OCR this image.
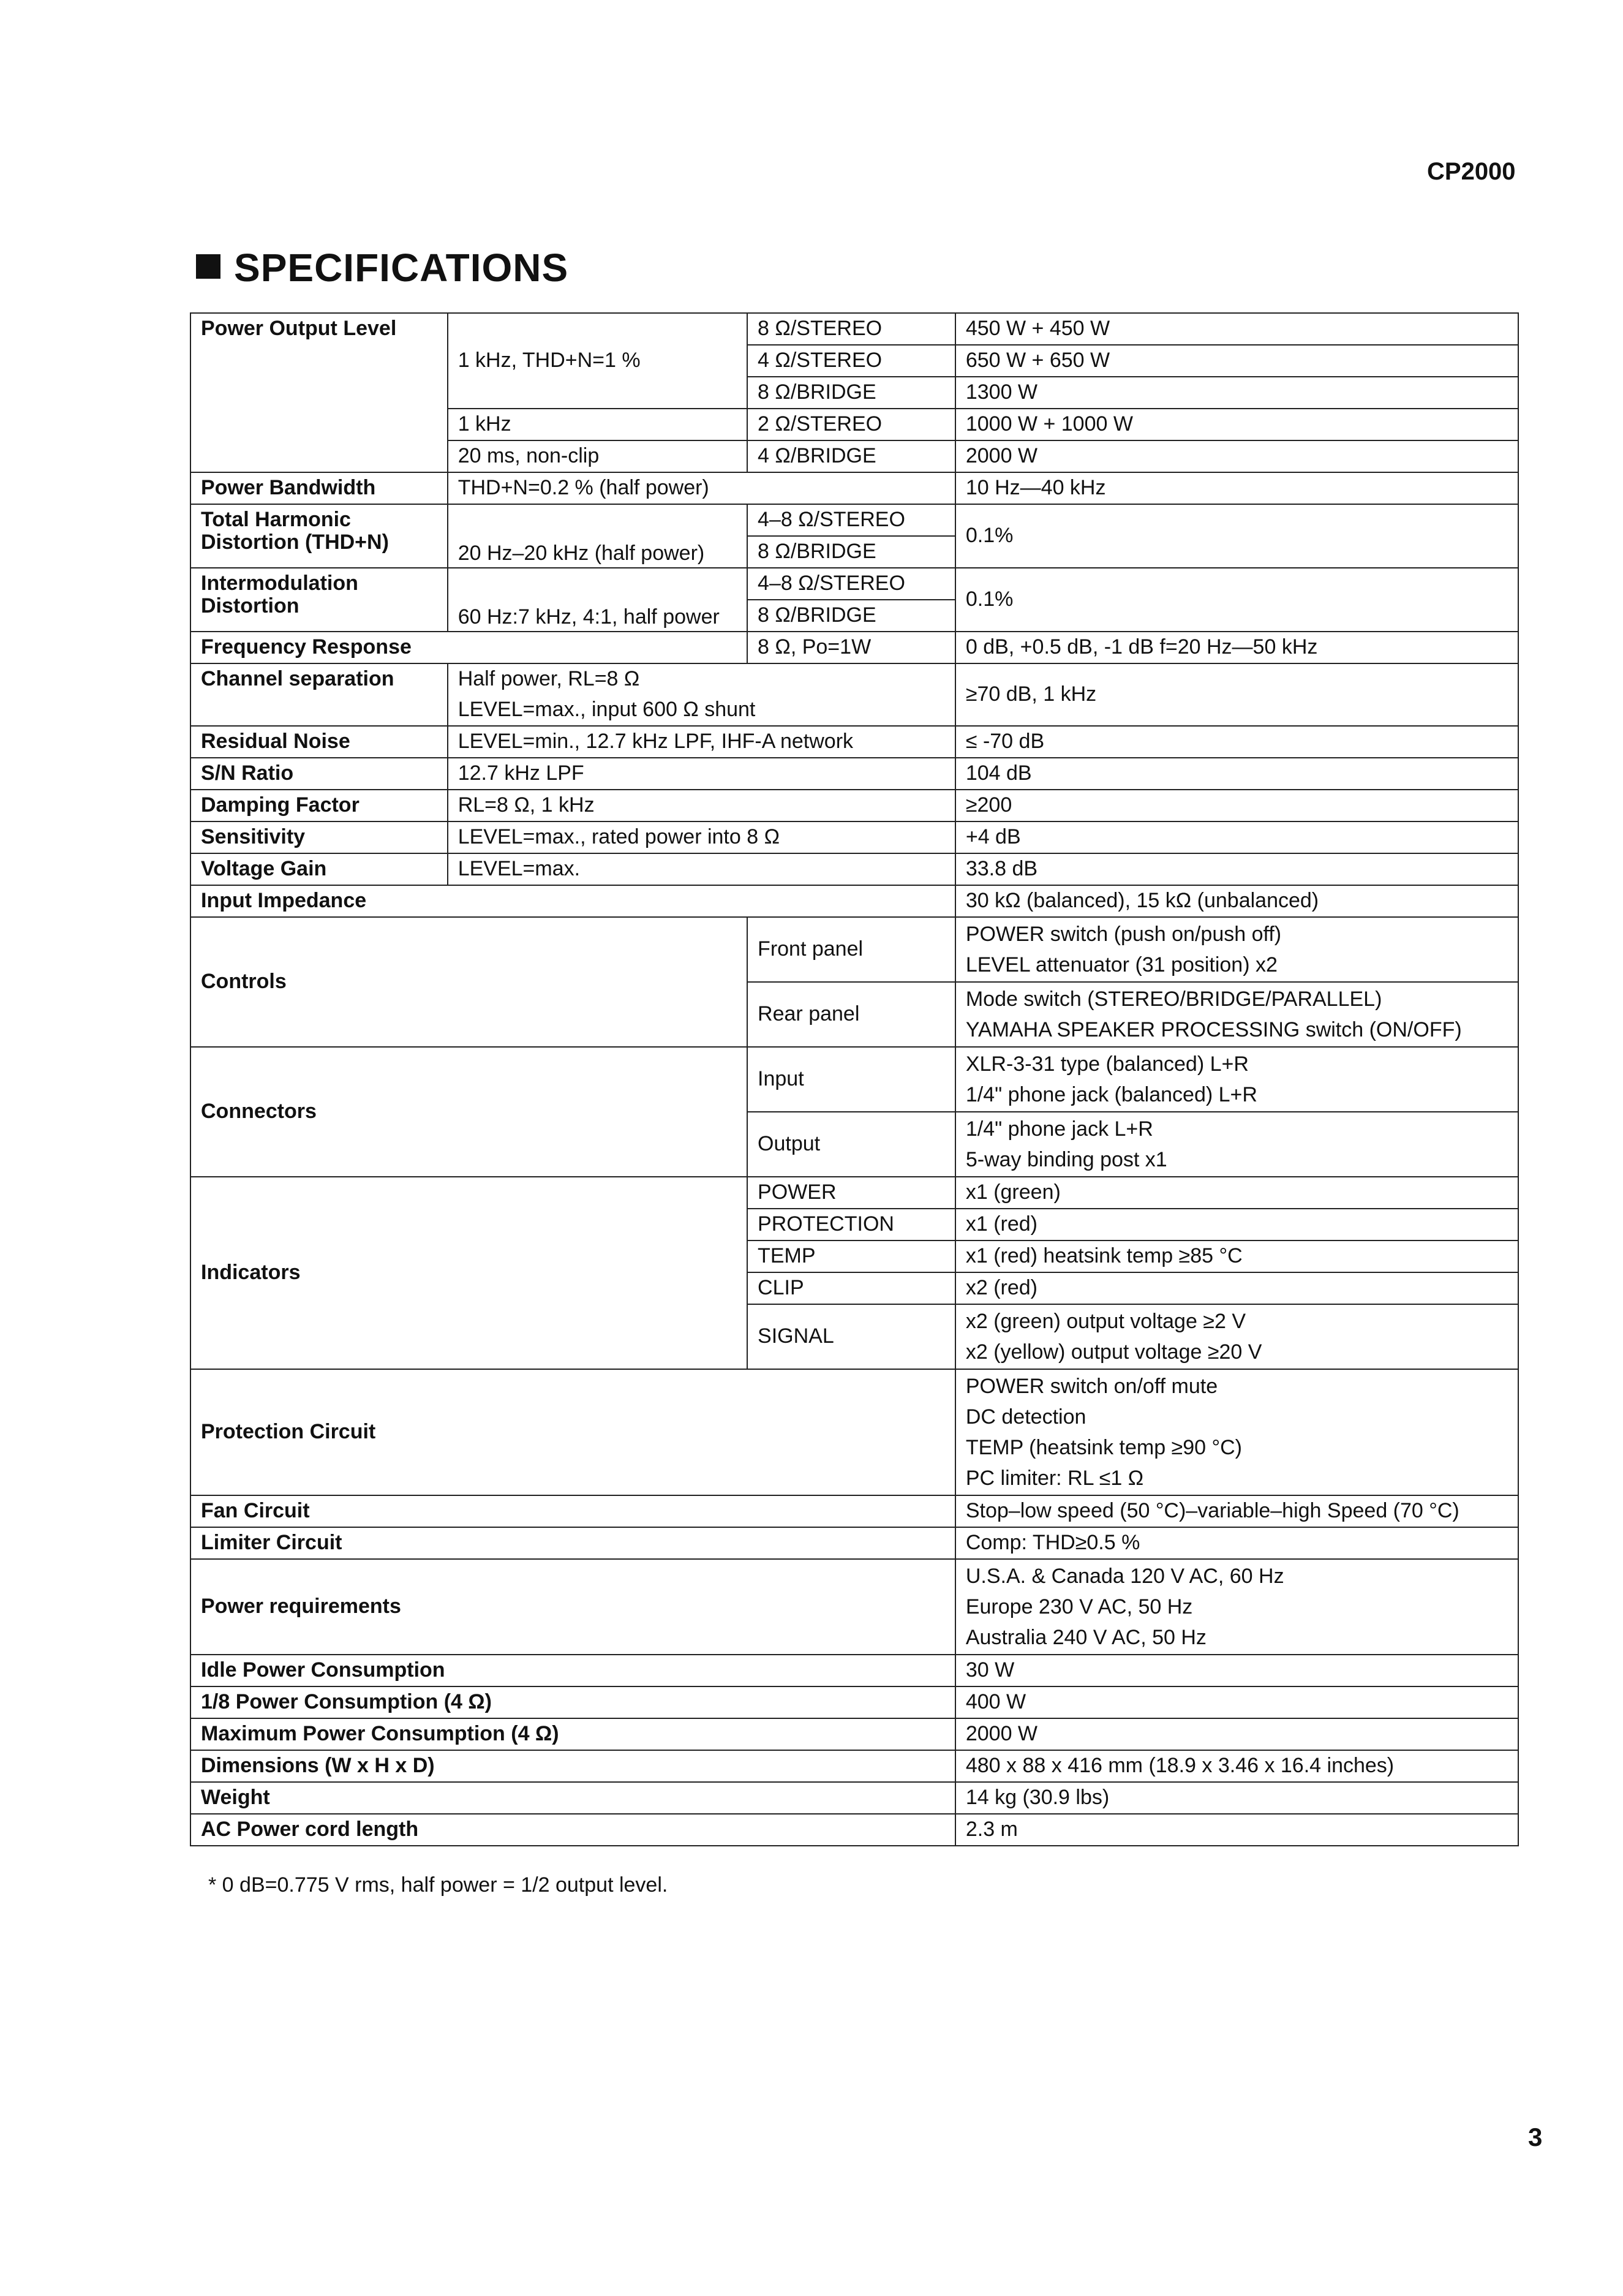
CP2000
SPECIFICATIONS
Power Output Level	1 kHz, THD+N=1 %	8 Ω/STEREO	450 W + 450 W
		4 Ω/STEREO	650 W + 650 W
		8 Ω/BRIDGE	1300 W
	1 kHz	2 Ω/STEREO	1000 W + 1000 W
	20 ms, non-clip	4 Ω/BRIDGE	2000 W
Power Bandwidth	THD+N=0.2 % (half power)		10 Hz—40 kHz
Total Harmonic Distortion (THD+N)	20 Hz–20 kHz (half power)	4–8 Ω/STEREO	0.1%
		8 Ω/BRIDGE	
Intermodulation Distortion	60 Hz:7 kHz, 4:1, half power	4–8 Ω/STEREO	0.1%
		8 Ω/BRIDGE	
Frequency Response		8 Ω, Po=1W	0 dB, +0.5 dB, -1 dB f=20 Hz—50 kHz
Channel separation	Half power, RL=8 Ω		≥70 dB, 1 kHz
	LEVEL=max., input 600 Ω shunt		
Residual Noise	LEVEL=min., 12.7 kHz LPF, IHF-A network		≤ -70 dB
S/N Ratio	12.7 kHz LPF		104 dB
Damping Factor	RL=8 Ω, 1 kHz		≥200
Sensitivity	LEVEL=max., rated power into 8 Ω		+4 dB
Voltage Gain	LEVEL=max.		33.8 dB
Input Impedance			30 kΩ (balanced), 15 kΩ (unbalanced)
Controls		Front panel	POWER switch (push on/push off)
LEVEL attenuator (31 position) x2

		Rear panel	Mode switch (STEREO/BRIDGE/PARALLEL)
YAMAHA SPEAKER PROCESSING switch (ON/OFF)

Connectors		Input	XLR-3-31 type (balanced) L+R
1/4" phone jack (balanced) L+R

		Output	1/4" phone jack L+R
5-way binding post x1

Indicators		POWER	x1 (green)
		PROTECTION	x1 (red)
		TEMP	x1 (red) heatsink temp ≥85 °C
		CLIP	x2 (red)
		SIGNAL	x2 (green) output voltage ≥2 V
x2 (yellow) output voltage ≥20 V

Protection Circuit			POWER switch on/off mute
DC detection
TEMP (heatsink temp ≥90 °C)
PC limiter: RL ≤1 Ω

Fan Circuit			Stop–low speed (50 °C)–variable–high Speed (70 °C)
Limiter Circuit			Comp: THD≥0.5 %
Power requirements			U.S.A. & Canada 120 V AC, 60 Hz
Europe 230 V AC, 50 Hz
Australia 240 V AC, 50 Hz

Idle Power Consumption			30 W
1/8 Power Consumption (4 Ω)			400 W
Maximum Power Consumption (4 Ω)			2000 W
Dimensions (W x H x D)			480 x 88 x 416 mm (18.9 x 3.46 x 16.4 inches)
Weight			14 kg (30.9 lbs)
AC Power cord length			2.3 m
* 0 dB=0.775 V rms, half power = 1/2 output level.
3
